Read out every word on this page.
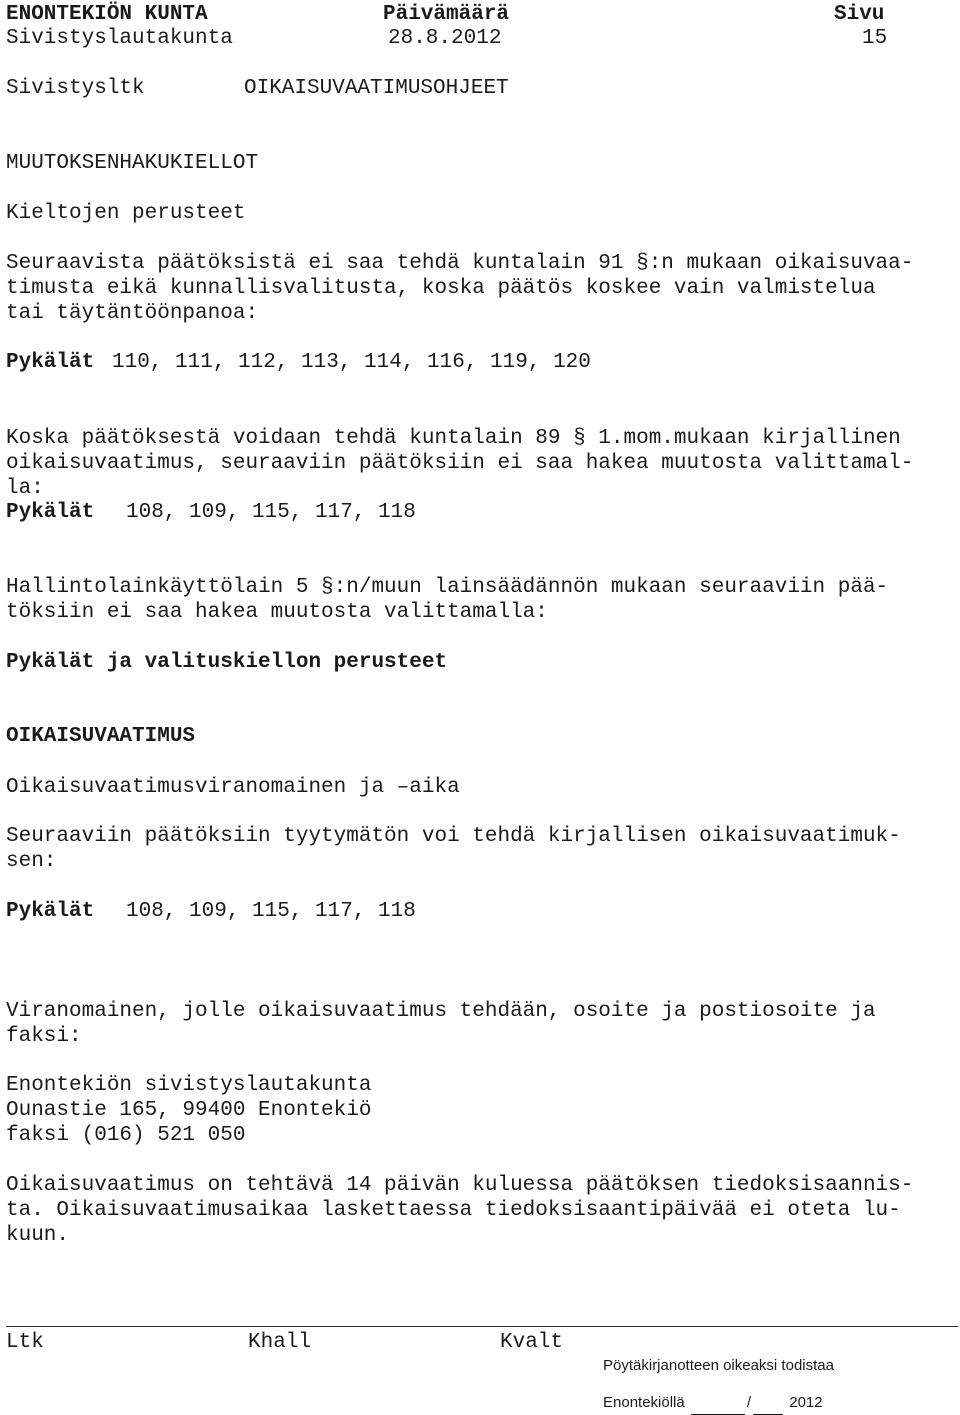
ENONTEKIÖN KUNTA	Päivämäärä	Sivu
Sivistyslautakunta	28.8.2012	15
Sivistysltk	OIKAISUVAATIMUSOHJEET
MUUTOKSENHAKUKIELLOT
Kieltojen perusteet
Seuraavista päätöksistä ei saa tehdä kuntalain 91 §:n mukaan oikaisuvaa-
timusta eikä kunnallisvalitusta, koska päätös koskee vain valmistelua
tai täytäntöönpanoa:
Pykälät 110, 111, 112, 113, 114, 116, 119, 120
Koska päätöksestä voidaan tehdä kuntalain 89 § 1.mom.mukaan kirjallinen
oikaisuvaatimus, seuraaviin päätöksiin ei saa hakea muutosta valittamal-
la:
Pykälät 108, 109, 115, 117, 118
Hallintolainkäyttölain 5 §:n/muun lainsäädännön mukaan seuraaviin pää-
töksiin ei saa hakea muutosta valittamalla:
Pykälät ja valituskiellon perusteet
OIKAISUVAATIMUS
Oikaisuvaatimusviranomainen ja –aika
Seuraaviin päätöksiin tyytymätön voi tehdä kirjallisen oikaisuvaatimuk-
sen:
Pykälät 108, 109, 115, 117, 118
Viranomainen, jolle oikaisuvaatimus tehdään, osoite ja postiosoite ja
faksi:
Enontekiön sivistyslautakunta
Ounastie 165, 99400 Enontekiö
faksi (016) 521 050
Oikaisuvaatimus on tehtävä 14 päivän kuluessa päätöksen tiedoksisaannis-
ta. Oikaisuvaatimusaikaa laskettaessa tiedoksisaantipäivää ei oteta lu-
kuun.
Ltk	Khall	Kvalt
Pöytäkirjanotteen oikeaksi todistaa
Enontekiöllä	/	2012
